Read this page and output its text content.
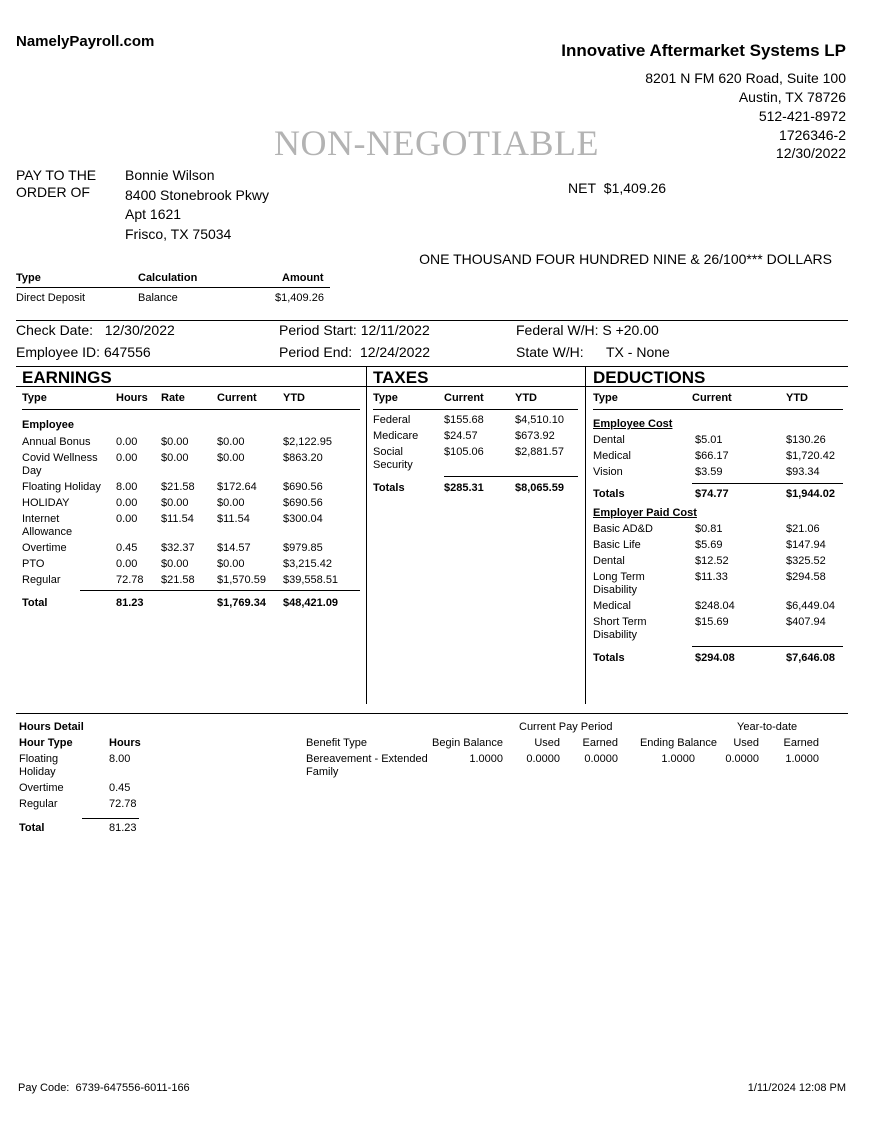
NamelyPayroll.com	Innovative Aftermarket Systems LP
8201 N FM 620 Road, Suite 100
Austin, TX 78726
512-421-8972
1726346-2
12/30/2022
NON-NEGOTIABLE
PAY TO THE
ORDER OF
Bonnie Wilson
8400 Stonebrook Pkwy
Apt 1621
Frisco, TX 75034
NET $1,409.26
ONE THOUSAND FOUR HUNDRED NINE & 26/100*** DOLLARS
Type	Calculation	Amount
Direct Deposit	Balance	$1,409.26
Check Date: 12/30/2022
Employee ID: 647556
Period Start: 12/11/2022
Period End: 12/24/2022
Federal W/H: S +20.00
State W/H: TX - None
EARNINGS
Type	Hours Rate	Current YTD
Employee
Annual Bonus	0.00 $0.00	$0.00	$2,122.95
Covid Wellness Day
0.00 $0.00	$0.00	$863.20
Floating Holiday	8.00 $21.58 $172.64 $690.56
HOLIDAY	0.00 $0.00	$0.00	$690.56
Internet Allowance
0.00 $11.54 $11.54	$300.04
Overtime	0.45 $32.37 $14.57	$979.85
PTO	0.00 $0.00	$0.00	$3,215.42
Regular	72.78 $21.58 $1,570.59 $39,558.51
Total	81.23	$1,769.34 $48,421.09
TAXES
Type	Current	YTD
Federal	$155.68	$4,510.10
Medicare	$24.57	$673.92
Social Security
$105.06	$2,881.57
Totals	$285.31	$8,065.59
DEDUCTIONS
Type	Current	YTD
Employee Cost
Dental	$5.01	$130.26
Medical	$66.17	$1,720.42
Vision	$3.59	$93.34
Totals	$74.77	$1,944.02
Employer Paid Cost
Basic AD&D	$0.81	$21.06
Basic Life	$5.69	$147.94
Dental	$12.52	$325.52
Long Term Disability
$11.33	$294.58
Medical	$248.04	$6,449.04
Short Term Disability
$15.69	$407.94
Totals	$294.08	$7,646.08
Hours Detail
Hour Type	Hours
Floating Holiday
8.00
Overtime	0.45
Regular	72.78
Total	81.23
Current Pay Period	Year-to-date
Benefit Type	Begin Balance	Used Earned Ending Balance Used Earned
Bereavement - Extended Family
1.0000 0.0000 0.0000	1.0000	0.0000 1.0000
Pay Code: 6739-647556-6011-166	1/11/2024 12:08 PM
